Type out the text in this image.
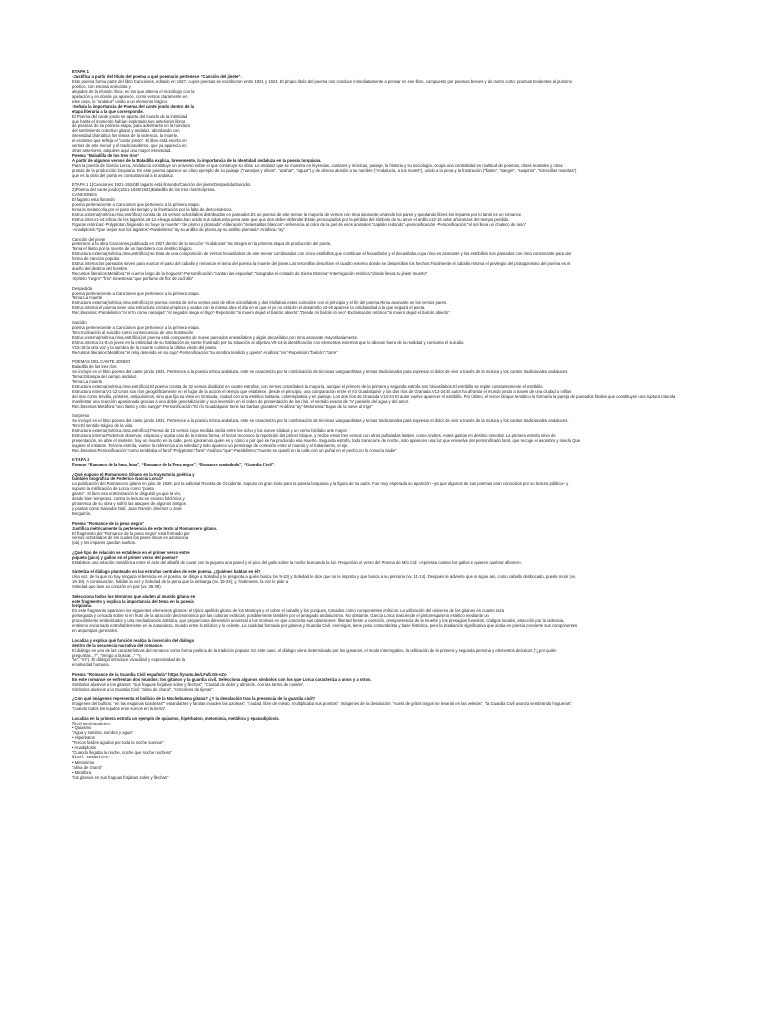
ETAPA 1

-Justifica a partir del título del poema a qué poemario pertenece “Canción del jinete”.

Este poema forma parte del libro Canciones, editado en 1927, cuyos poemas se escribieron entre 1921 y 1924. El propio título del poema nos conduce inmediatamente a pensar en ese libro, compuesto por poemas breves y de metro corto: poemas tendentes al purismo
poético, con escasa anécdota y
alejados de la efusión lírica; en los que alterna el monólogo con la
apelación y en donde ya aparece, como versos claramente en
este caso, lo “andaluz” unido a un elemento trágico.

-Señala la importancia de Poema del cante jondo dentro de la
etapa literaria a la que corresponde.

El Poema del cante jondo se aparta del mundo de la intimidad
que hasta el momento habían explotado sus anteriores libros
de poemas de su primera etapa, para adentrarse en la hondura
del sentimiento colectivo gitano y andaluz, abordando con
intensidad dramática los temas de la violencia, la muerte,
el erotismo que refleja el “cante jondo”. El libro está escrito en
versos de arte menor y el tradicionalismo, que ya aparecía en
otras anteriores, adquiere aquí una mayor intensidad.

Poema “Baladilla de los tres ríos”

A partir de algunos versos de la Baladilla explica, brevemente, la importancia de la identidad andaluza en la poesía lorquiana.

Para la poesía de García Lorca, Andalucía constituye un universo sobre el que construye su obra. Lo andaluz que se muestra en leyendas, cantares y músicas, paisaje, la historia y su sociología, ocupa una centralidad en multitud de poemas, obras teatrales y otras
prosas de la producción lorquiana. En este poema aparece un claro ejemplo de su paisaje (“naranjos y olivos”, “azahar”, “aguar”) y de directa alusión a su nombre (“Andalucía, a tus mares”), unido a la pena y la frustración (“llanto”, “sangre”, “suspiros”, “torrecillas muertas”)
que es la obra del poeta es consustancial a lo andaluz.

ETAPA 1 1)Canciones 1921-1924)El lagarto está llorando/Canción del jinete/Despedida/Suicidio.
2)Poema del cante jondo(1921-1926/1931)Baladilla de los tres ríos/Sorpresa.
CANCIONES
El lagarto está llorando
poema perteneciente a Canciones que pertenece a la primera etapa.
tema:la melancolía por el paso del tiempo y la frustración por la falta de descendencia.
Estruc.externa(métrica,rima,estrófica) consta de 16 versos octosílabos distribuidos en pareados.Es un poema de arte menor la mayoría de versos con rima asonante.Uniendo los pares y quedando libres los impares por lo tanto es un romance.
Estruc.inter.v1-v4:inficia de los lagartos.v5-12 eleaga adulta,han unido sus vidas,esta pena ante que que don deber defender:Están preocupados por la pérdida del símbolo de su amor el anillo.v13-16 volar añoranzas del tiempo perdido.
Figuras retóricas:-Polyptoton.fingiendo no huye la muerte”-”de plomo y plomado”-Aliteración:”delantalitos blancos”=referencia al color de la piel de esos animales.”capitán redondo”=personificación -Personificación:”el sol lleva un chaleco de raso”
-Anadiplosis:”Que viejos son los lagartos”-Paralelismo:”ay su anillito de plomo,ay su anillito plomado”-Anáfora=”ay”

Canción del jinete
pertenece a la obra Canciones,publicada en 1927,dentro de la sección “Andaluzas”.Se integra en la primera etapa de producción del poeta.
Tema:el llanto por la muerte de un bandolero con destino trágico.
Estructura externa(métrica,rima,estrófica):se trata de una composición de versos hexasílabos de arte menor combinados con cinco estribillos,que combinan el hexasílabo y el decasílabo,cuya rima es asonante y los estribillos son pareados con rima consonante para dar
forma de canción popular.
Estruc.interna:los pareados sirven para marcar el paso del caballo y remarcar el tema del poema la muerte del jinete.Los tercetillos describen el cuadro externo donde se desarrollan los hechos.Finalmente el caballo retoma el privilegio del protagonismo del poema es el
dueño del destino del hombre.
Recursos literarios:Metáfora:”el cuerno largo de la hoguera”-Personificación:”cantan las espuelas”,”sangraba el costado de Sierra Morena”-Interrogación retórica:”donde llevas tu jinete muerto”
-Epíteto “negro”,”frío”-Sinestesia:”que perfume de flor de cuchillo”

Despedida
poema perteneciente a Canciones que pertenece a la primera etapa.
Tema:La muerte
Estructura externa(métrica,rima,estrófica):el poema consta de ocho versos,seis de ellos octosílabos y dos trisílabos,estos coinciden con el principio y el fin del poema.Rima asonante en los versos pares.
Estruc.interna:el poema tiene una estructura circular,empieza y acaba con la misma idea el día en el que el yo no está.En el desarrollo v3-v6 aparece la cotidianidad a la que seguirá el poeta.
Rec.literarios:-Paralelismo:”el ni?o come naranjas”,”el segador siega el trigo”-Repetición:”si muero dejad el balcón abierto”,”Desde mi balcón lo veo”-Exclamación retórica:”si muero dejad el balcón abierto”

Suicidio
poema perteneciente a Canciones que pertenece a la primera etapa.
Tem:Inclinación al suicidio como consecuencia de una frustración
Estruc.externa(métrica,rima,estrófica):el poema está compuesto de nueve pareados eneasílabos y algún decasílabo,con rima asonante mayoritariamente.
Estruc.interna:v1-8:un joven en la intimidad de su habitación,se siente frustrado por su situación al objetivo.V9-14:la identificación con elementos externos que lo abocan fuera de la realidad y consuma el suicidio.
V15-18:la otra voz y la sombra de la muerte culmina la última visión del poeta.
Recursos literarios:Metáfora:”el reloj detenido en su caja”-Personificación:”su sombra tendido y quieta”-Anáfora:”vio”-Repetición:”balcón”,”torre”

POEMAS DEL CANTE JONDO
Baladilla de los tres ríos
Se incluyó en el libro poema del cante jondo 1931. Pertenece a la poesía mítica andaluza, este se caracteriza por la combinación de técnicas vanguardistas y temas tradicionales para expresar el dolor de vivir a través de la música y los cantos tradicionales andaluces.
Tema:Estampa del campo andaluz.
Tema:La muerte
Estructura externa(métrica,rima,estrófica):El poema consta de 32 versos divididos en cuatro estrofas, con versos octosílabos la mayoría, aunque el primero de la primera y segunda estrofa son hexasílabos.El estribillo se repite constantemente el estribillo.
Estructura interna:V1-12:Unos son ríos geográficamente en el lugar de la acción el tiempo que establece, desde el principio, una comparación entre el río Guadalquivir y los dos ríos de Granada.V13-24:El autor ha afrontar el mundo jondo a través de una ciudad a orillas
del mar como Sevilla, pintores, antiquísimos, sino que fija su vista en Granada, ciudad con una estética solitaria, contemplativa y en paisaje. Los dos ríos de Granada V13-24 El autor vuelve aparecer el estribillo. Por último, el tercer bloque temático lo formaría la pareja de pareados finales que constituyen una ruptura rotunda
manifestar una reacción apasionada gracias a una doble generalización y una inversión en el orden de presentación de los ríos. el sentido exacto de “a” paralelo del agua y del amor.
Rec.literarios:Metáfora:”uno llanto y otro sangre”-Personificación:”El río Guadalquivir tiene las barbas granates”-Anáfora:”ay”-Metonimia:”bajan de la nieve al trigo”

Sorpresa
Se incluyó en el libro poema del cante jondo 1931. Pertenece a la poesía mítica andaluza, este se caracteriza por la combinación de técnicas vanguardistas y temas tradicionales para expresar el dolor de vivir a través de la música y los cantos tradicionales andaluces.
Tem:El sentido trágico de la vida
Estructura externa(métrica,rima,estrófica):Poema de 13 versos cuya medida oscila entre los ocho y los nueve sílabas y un verso bisílabo arte mayor.
Estructura interna:Podemos observar, empieza y acaba casi de la misma forma, el lector reconoce la repetición del primer bloque, y recibe estos tres versos con otros puñaladas letales, como Andres. Antes gastos en destino inmortal. La primera estrofa sirve de
presentación, se abre el misterio: hay un muerto en la calle, pero ignoramos quién es y cómo o por qué se ha producido esa muerte. Segunda estrofa, todo transcurre de noche, solo aparecen una luz que envuelve del personificado farol, que recoge el asombro y miedo Que
sugiere el instante. Tercera estrofa, vuelve la referencia a la soledad y solo aparece un personaje de conexión entre el mundo y el tratamiento, el eje.
Rec.literarios:Personificación:”como temblaba el farol”-Polyptoton:”farol”-Anáfora:”que”-Paralelismo:”muerto se quedó en la calle,con un puñal en el pecho,no lo conocía nadie”

ETAPA 2

Poemas “Romance de la luna, luna”, “Romance de la Pena negra”, “Romance sonámbulo”, “Guardia Civil”.

¿Qué supuso el Romancero Gitano en la trayectoria poética y
también biográfica de Federico García Lorca?

La publicación del Romancero gitano en julio de 1928, por la editorial Revista de Occidente, supuso un gran éxito para la poesía lorquiana y la figura de su autor. Fue muy esperada su aparición –ya que algunos de sus poemas eran conocidos por su lectura pública– y
supuso la mitificación de Lorca como “poeta
gitano”. Si bien esa entronización le disgustó ya que la vio,
desde bien temprano, contra la lectura en exceso folclórica y
pintoresca de su obra y sufrió las ataques de algunos amigos
y poetas como Salvador Dalí, Juan Ramón Jiménez o José
Bergamín.

Poema “Romance de la pena negra”
Justifica métricamente la pertenencia de este texto al Romancero gitano.

El fragmento del “Romance de la pena negra” está formado por
versos octosílabos de los cuales los pares riman en asonancia
(oa) y los impares quedan sueltos.

¿Qué tipo de relación se establece en el primer verso entre
piqueta (pico) y gallos en el primer verso del poema?

Establece una relación metafórica entre el acto del albañil de cavar con la piqueta una pared y el pico del gallo sobre la noche buscando la luz. Requerían el verso del Poema de Mío Cid: «Apriessa cantan los gallos e quieren quebrar albores».

Sintetiza el diálogo planteado en las estrofas centrales de este poema. ¿Quiénes hablan en él?

Una voz, de la que no hay ninguna referencia en el poema, se dirige a Soledad y le pregunta a quién busca (vv 9-10) y Soledad le dice que no le importa y que busca a su persona (vv. 11-14). Después le advierte que si sigue así, como caballo desbocado, puede morir (vv.
15-18). A continuación, hablan la voz y Soledad de la pena que la embarga (vv. 19-34); y, finalmente, la voz le pide a
Soledad que lave su corazón en paz (vv. 35-38).

Selecciona todos los términos que aluden al mundo gitano en
este fragmento y explica la importancia del tema en la poesía
lorquiana.

En este fragmento aparecen los siguientes elementos gitanos: el típico apellido gitano de los Montoya y el cobre el caballo y los yunques, tomados como componentes eróticos. La utilización del universo de los gitanos en cuanto raza
perseguida y cercada sobre si en fruto de la atracción decimonónica por las culturas exóticas, posiblemente también por el arraigado andalucismo. No obstante, García Lorca trasciende el pintoresquismo estético mediante un
procedimiento simbolizador y una mediatización artística, que proporciona dimensión universal a los motivos en que concierta sus obsesiones: libertad frente a coerción, omnipresencia de la muerte y los presagios funestos, códigos locales, atracción por la violencia,
erotismo encarnado entrañablemente en la naturaleza, mundo entre lo telúrico y lo celeste. La cualidad formada por gitanos y Guardia Civil, enemigos, tiene poso costumbrista y base histórica, pero la irradiación significativa que actúa en poesía convierte sus componentes
en arquetipos generales.

Localiza y explica qué función realiza la inserción del diálogo
dentro de la secuencia narrativa del romance.

El diálogo es uno de las características del romance como forma poética de la tradición popular. En este caso, el diálogo viene determinado por los gusanos, el modo interrogativo, la utilización de la primera y segunda persona y elementos deícticos (“¿por quién
preguntas...?”, “Vengo a buscar...” “Y,
“te”, “mi”). El diálogo introduce vivacidad y expresividad de la
emotividad humana.

Poema “Romance de la Guardia Civil española” https://youtu.be/LFafLGk-vZo

En este romance se enfrentan dos mundos: los gitanos y la guardia civil. Selecciona algunos símbolos con los que Lorca caracteriza a unos y a otros.

Símbolos alusivos a los gitanos: “sus fraguas forjaban soles y flechas”, “Ciudad de dolor y almizcle, con las torres de canela”.
Símbolos alusivos a la Guardia Civil: “alma de charol”, “remolinos de tijeras”.

¿Con qué imágenes representa el bullicio de la Nochebuena gitana? ¿Y la desolación tras la presencia de la guardia civil?

Imágenes del bullicio: “en las esquinas banderas”” estandartes y farolas invaden las azoteas”, “ciudad, libre de miedo, multiplicaba sus puertas”. Imágenes de la desolación: “vuelo de gritos largos se levantó en las veletas”, “la Guardia Civil avanza sembrando hogueras”,
“cuando todos los tejados eran surcos en la tierra”.

Localiza en la primera estrofa un ejemplo de quiasmo, hipérbaton, metonimia, metáfora y epanadiplosis.

Nivel morfosintáctico

• Quiasmo
“Agua y sombra, sombra y agua”
• Hipérbaton
“Tercos fusiles agudos por toda la noche suenan”
• Anadiplosis
“Cuando llegaba la noche, noche que noche nochera”

Nivel semántico:

• Metonimia
“alma de charol”
• Metáfora
“los gitanos en sus fraguas forjaban soles y flechas”
